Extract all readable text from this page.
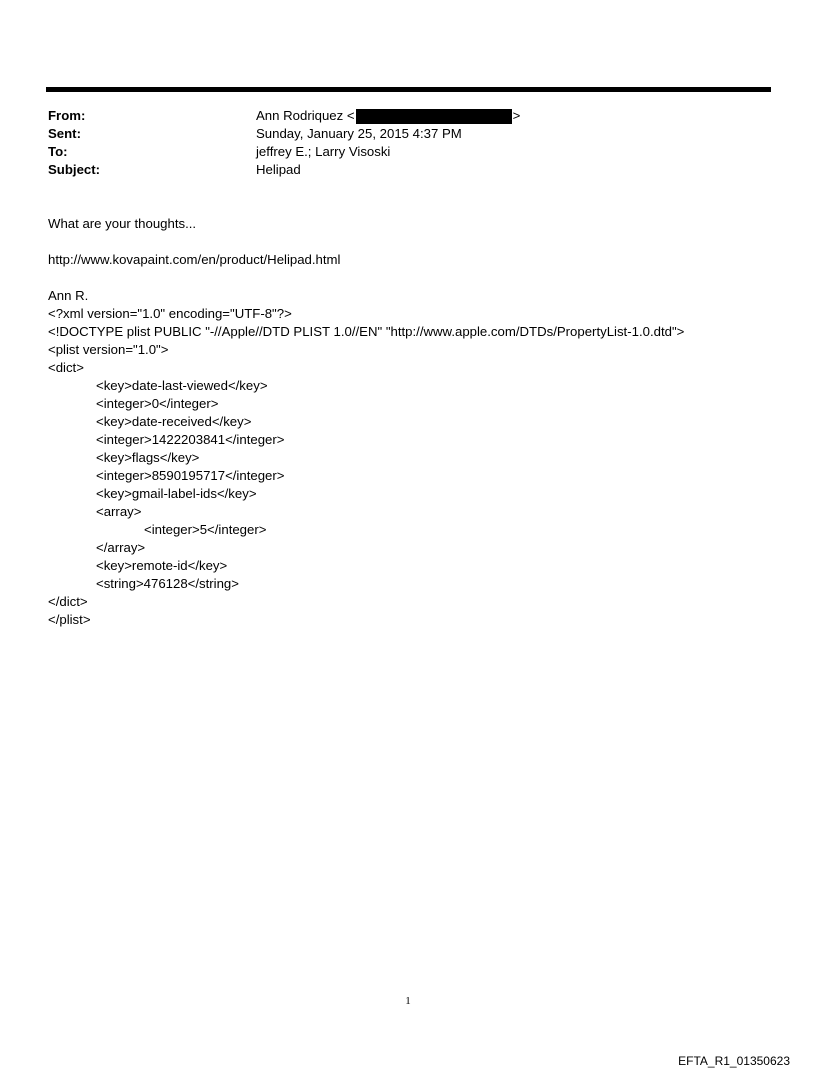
From:	Ann Rodriquez <	>
Sent:	Sunday, January 25, 2015 4:37 PM
To:	jeffrey E.; Larry Visoski
Subject:	Helipad
What are your thoughts...
http://www.kovapaint.com/en/product/Helipad.html
Ann R.
<?xml version="1.0" encoding="UTF-8"?>
<!DOCTYPE plist PUBLIC "-//Apple//DTD PLIST 1.0//EN" "http://www.apple.com/DTDs/PropertyList-1.0.dtd">
<plist version="1.0">
<dict>
<key>date-last-viewed</key>
<integer>0</integer>
<key>date-received</key>
<integer>1422203841</integer>
<key>flags</key>
<integer>8590195717</integer>
<key>gmail-label-ids</key>
<array>
<integer>5</integer>
</array>
<key>remote-id</key>
<string>476128</string>
</dict>
</plist>
1
EFTA_R1_01350623
